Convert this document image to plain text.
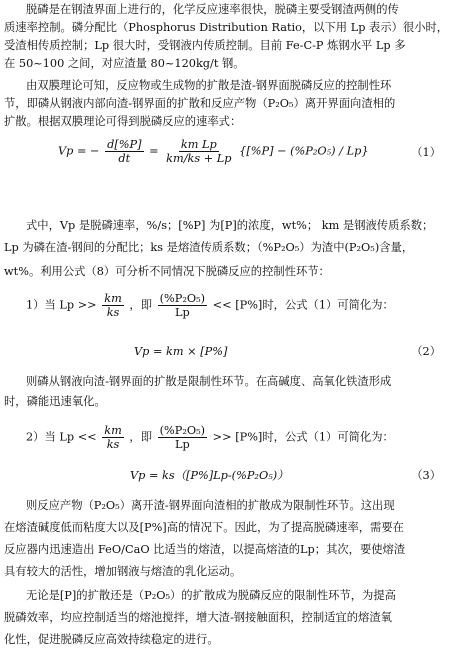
脱磷是在钢渣界面上进行的，化学反应速率很快，脱磷主要受钢渣两侧的传
质速率控制。磷分配比（Phosphorus Distribution Ratio，以下用 Lp 表示）很小时，
受渣相传质控制；Lp 很大时，受钢液内传质控制。目前 Fe-C-P 炼钢水平 Lp 多
在 50~100 之间，对应渣量 80~120kg/t 钢。
由双膜理论可知，反应物或生成物的扩散是渣-钢界面脱磷反应的控制性环
节，即磷从钢液内部向渣-钢界面的扩散和反应产物（P₂O₅）离开界面向渣相的
扩散。根据双膜理论可得到脱磷反应的速率式：
Vp = − $\frac{d[\%P]}{dt} = \frac{\text{km Lp}}{km/ks + Lp} \{[\%P] - (\%P_2O_5) / Lp\}$	（1）
式中，Vp 是脱磷速率，%/s；[%P] 为[P]的浓度，wt%； km 是钢液传质系数；
Lp 为磷在渣-钢间的分配比；ks 是熔渣传质系数；（%P₂O₅）为渣中(P₂O₅)含量，
wt%。利用公式（8）可分析不同情况下脱磷反应的控制性环节：
1）当 $Lp >> \frac{km}{ks}$ ，即 $\frac{\text{(\%P₂O₅)}}{Lp} << [P\%]$时，公式（1）可简化为：
Vp = km × [P%]	（2）
则磷从钢液向渣-钢界面的扩散是限制性环节。在高碱度、高氧化铁渣形成
时，磷能迅速氧化。
2）当 $Lp << \frac{km}{ks}$ ，即 $\frac{\text{(\%P₂O₅)}}{Lp} >> [P\%]$时，公式（1）可简化为：
Vp = ks（[P%]Lp-(%P₂O₅)）	（3）
则反应产物（P₂O₅）离开渣-钢界面向渣相的扩散成为限制性环节。这出现
在熔渣碱度低而粘度大以及[P%]高的情况下。因此，为了提高脱磷速率，需要在
反应器内迅速造出 FeO/CaO 比适当的熔渣，以提高熔渣的Lp；其次，要使熔渣
具有较大的活性，增加钢液与熔渣的乳化运动。
无论是[P]的扩散还是（P₂O₅）的扩散成为脱磷反应的限制性环节，为提高
脱磷效率，均应控制适当的熔池搅拌，增大渣-钢接触面积，控制适宜的熔渣氧
化性，促进脱磷反应高效持续稳定的进行。
